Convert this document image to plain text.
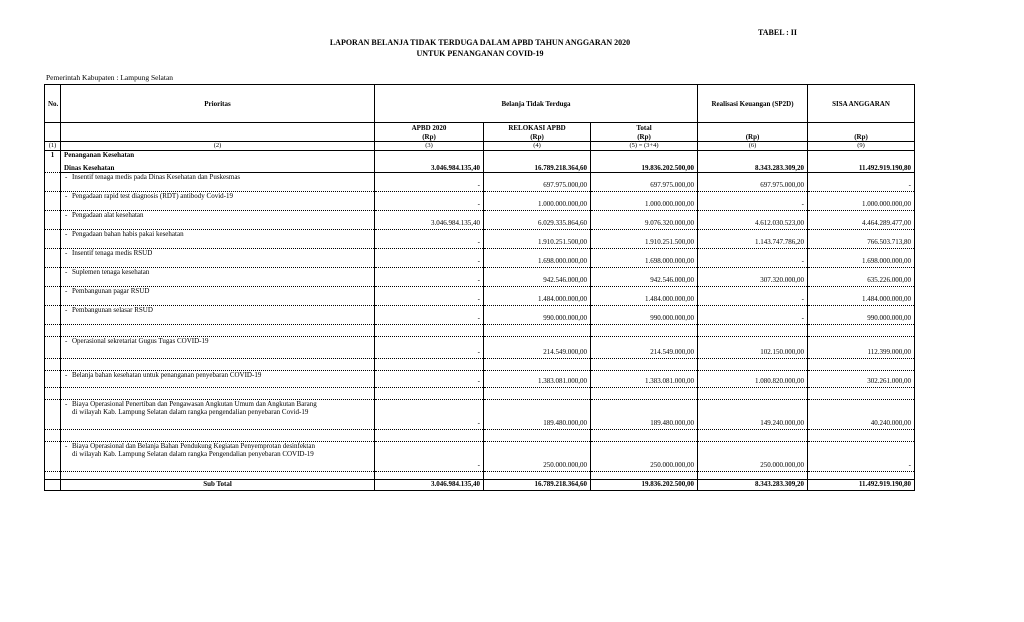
TABEL : II
LAPORAN BELANJA TIDAK TERDUGA DALAM APBD TAHUN ANGGARAN 2020
UNTUK PENANGANAN COVID-19
Pemerintah Kabupaten : Lampung Selatan
No.	Prioritas	Belanja Tidak Terduga			Realisasi Keuangan (SP2D)	SISA ANGGARAN

		APBD 2020	RELOKASI APBD	Total		
		(Rp)	(Rp)	(Rp)	(Rp)	(Rp)
(1)	(2)	(3)	(4)	(5) = (3+4)	(6)	(9)
1	Penanganan Kesehatan					
	Dinas Kesehatan	3.046.984.135,40	16.789.218.364,60	19.836.202.500,00	8.343.283.309,20	11.492.919.190,80
	- Insentif tenaga medis pada Dinas Kesehatan dan Puskesmas	-	697.975.000,00	697.975.000,00	697.975.000,00	-
	- Pengadaan rapid test diagnosis (RDT) antibody Covid-19	-	1.000.000.000,00	1.000.000.000,00	-	1.000.000.000,00
	- Pengadaan alat kesehatan	3.046.984.135,40	6.029.335.864,60	9.076.320.000,00	4.612.030.523,00	4.464.289.477,00
	- Pengadaan bahan habis pakai kesehatan	-	1.910.251.500,00	1.910.251.500,00	1.143.747.786,20	766.503.713,80
	- Insentif tenaga medis RSUD	-	1.698.000.000,00	1.698.000.000,00	-	1.698.000.000,00
	- Suplemen tenaga kesehatan	-	942.546.000,00	942.546.000,00	307.320.000,00	635.226.000,00
	- Pembangunan pagar RSUD	-	1.484.000.000,00	1.484.000.000,00	-	1.484.000.000,00
	- Pembangunan selasar RSUD	-	990.000.000,00	990.000.000,00	-	990.000.000,00

	- Operasional sekretariat Gugus Tugas COVID-19	-	214.549.000,00	214.549.000,00	102.150.000,00	112.399.000,00

	- Belanja bahan kesehatan untuk penanganan penyebaran COVID-19	-	1.383.081.000,00	1.383.081.000,00	1.080.820.000,00	302.261.000,00

	- Biaya Operasional Penertiban dan Pengawasan Angkutan Umum dan Angkutan Barang
di wilayah Kab. Lampung Selatan dalam rangka pengendalian penyebaran Covid-19	-	189.480.000,00	189.480.000,00	149.240.000,00	40.240.000,00

	- Biaya Operasional dan Belanja Bahan Pendukung Kegiatan Penyemprotan desinfektan
di wilayah Kab. Lampung Selatan dalam rangka Pengendalian penyebaran COVID-19	-	250.000.000,00	250.000.000,00	250.000.000,00	-

	Sub Total	3.046.984.135,40	16.789.218.364,60	19.836.202.500,00	8.343.283.309,20	11.492.919.190,80
